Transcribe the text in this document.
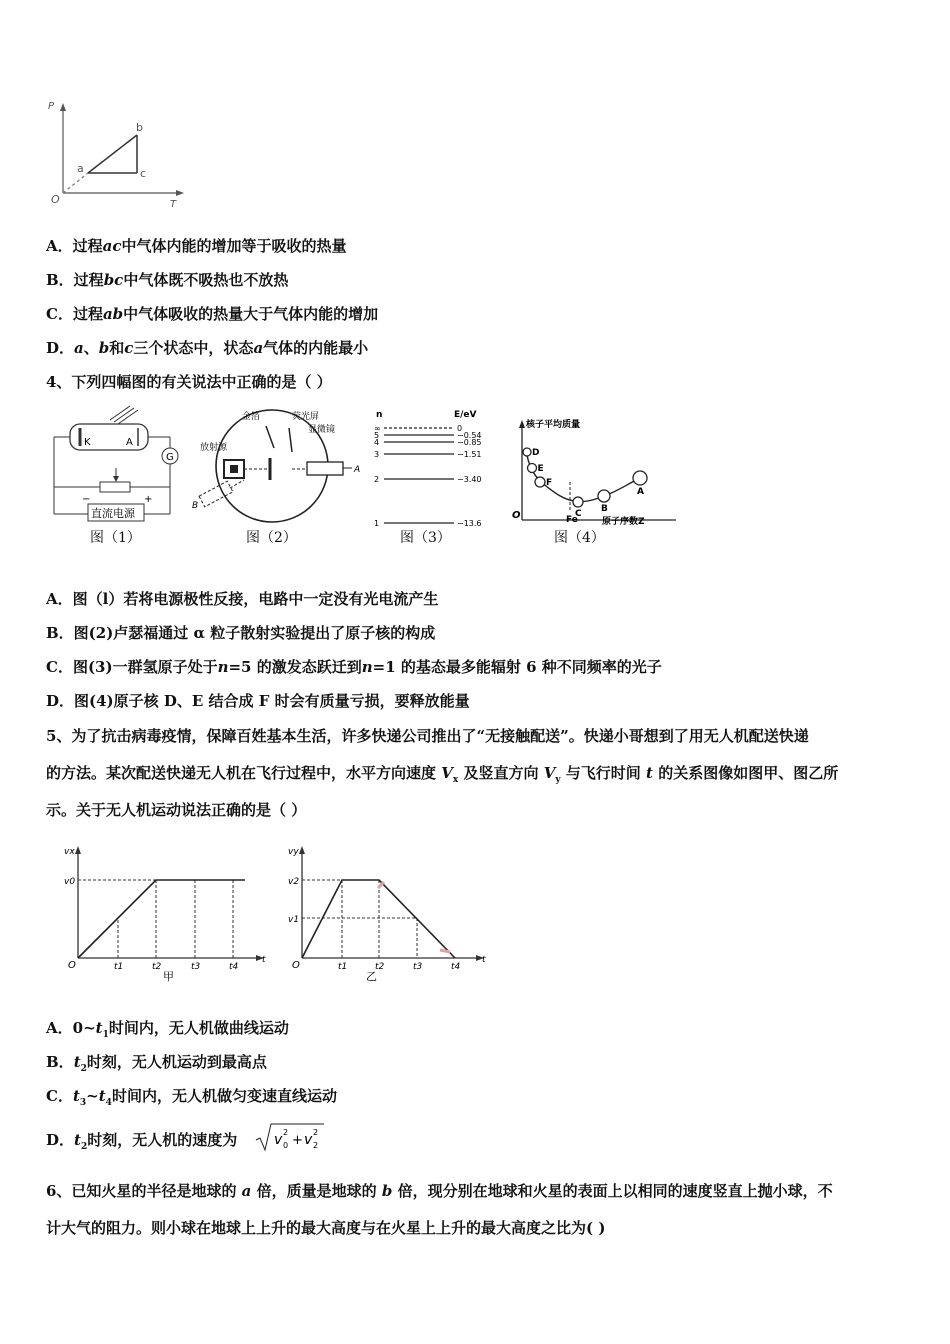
P
T
O
a
b
c
A．过程ac中气体内能的增加等于吸收的热量
B．过程bc中气体既不吸热也不放热
C．过程ab中气体吸收的热量大于气体内能的增加
D．a、b和c三个状态中，状态a气体的内能最小
4、下列四幅图的有关说法中正确的是（ ）
K	A
G
直流电源
−	+
图（1）
金箔	荧光屏
放射源
显微镜
A
B
图（2）
n	E/eV
∞	0
5	−0.54
4	−0.85
3	−1.51
2	−3.40
1	−13.6
图（3）
核子平均质量
O	Fe	原子序数Z
D
E
F
C B
A
图（4）
A．图（l）若将电源极性反接，电路中一定没有光电流产生
B．图(2)卢瑟福通过 α 粒子散射实验提出了原子核的构成
C．图(3)一群氢原子处于n=5 的激发态跃迁到n=1 的基态最多能辐射 6 种不同频率的光子
D．图(4)原子核 D、E 结合成 F 时会有质量亏损，要释放能量
5、为了抗击病毒疫情，保障百姓基本生活，许多快递公司推出了“无接触配送”。快递小哥想到了用无人机配送快递
的方法。某次配送快递无人机在飞行过程中，水平方向速度 $V_x$ 及竖直方向 $V_y$ 与飞行时间 t 的关系图像如图甲、图乙所
示。关于无人机运动说法正确的是（ ）
vx
v0
O	t1	t2	t3	t4
t
甲
vy
v2
v1
O	t1	t2	t3	t4
t
乙
A．$0\sim t_1$时间内，无人机做曲线运动
B．$t_2$时刻，无人机运动到最高点
C．$t_3\sim t_4$时间内，无人机做匀变速直线运动
D．$t_2$时刻，无人机的速度为	v 0
2
+ v 2
2
6、已知火星的半径是地球的 a 倍，质量是地球的 b 倍，现分别在地球和火星的表面上以相同的速度竖直上抛小球，不
计大气的阻力。则小球在地球上上升的最大高度与在火星上上升的最大高度之比为( )
